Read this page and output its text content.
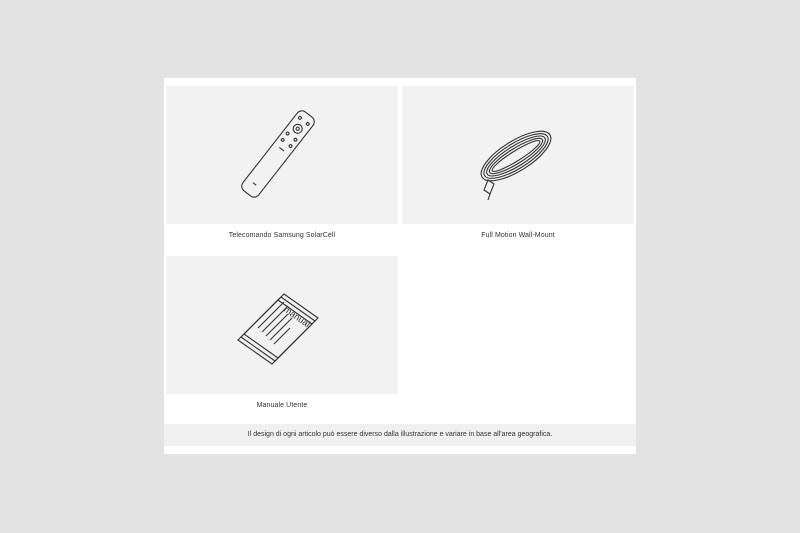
Telecomando Samsung SolarCell	Full Motion Wall-Mount
manual
Manuale Utente
Il design di ogni articolo può essere diverso dalla illustrazione e variare in base all'area geografica.
